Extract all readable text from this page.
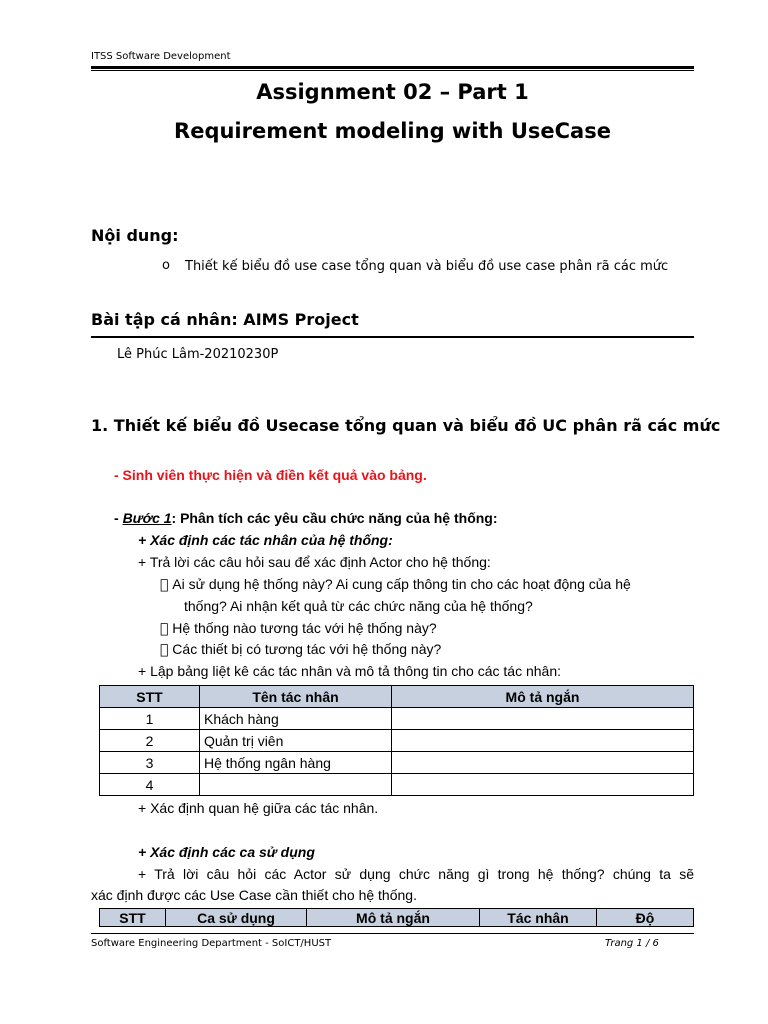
ITSS Software Development
Assignment 02 – Part 1
Requirement modeling with UseCase
Nội dung:
o Thiết kế biểu đồ use case tổng quan và biểu đồ use case phân rã các mức
Bài tập cá nhân: AIMS Project
Lê Phúc Lâm-20210230P
1. Thiết kế biểu đồ Usecase tổng quan và biểu đồ UC phân rã các mức
- Sinh viên thực hiện và điền kết quả vào bảng.
- Bước 1: Phân tích các yêu cầu chức năng của hệ thống:
+ Xác định các tác nhân của hệ thống:
+ Trả lời các câu hỏi sau để xác định Actor cho hệ thống:
Ai sử dụng hệ thống này? Ai cung cấp thông tin cho các hoạt động của hệ
thống? Ai nhận kết quả từ các chức năng của hệ thống?
Hệ thống nào tương tác với hệ thống này?
Các thiết bị có tương tác với hệ thống này?
+ Lập bảng liệt kê các tác nhân và mô tả thông tin cho các tác nhân:
STT	Tên tác nhân	Mô tả ngắn
1	Khách hàng	
2	Quản trị viên	
3	Hệ thống ngân hàng	
4		
+ Xác định quan hệ giữa các tác nhân.
+ Xác định các ca sử dụng
+ Trả lời câu hỏi các Actor sử dụng chức năng gì trong hệ thống? chúng ta sẽ
xác định được các Use Case cần thiết cho hệ thống.
STT	Ca sử dụng	Mô tả ngắn	Tác nhân	Độ
Software Engineering Department - SoICT/HUST	Trang 1 / 6
